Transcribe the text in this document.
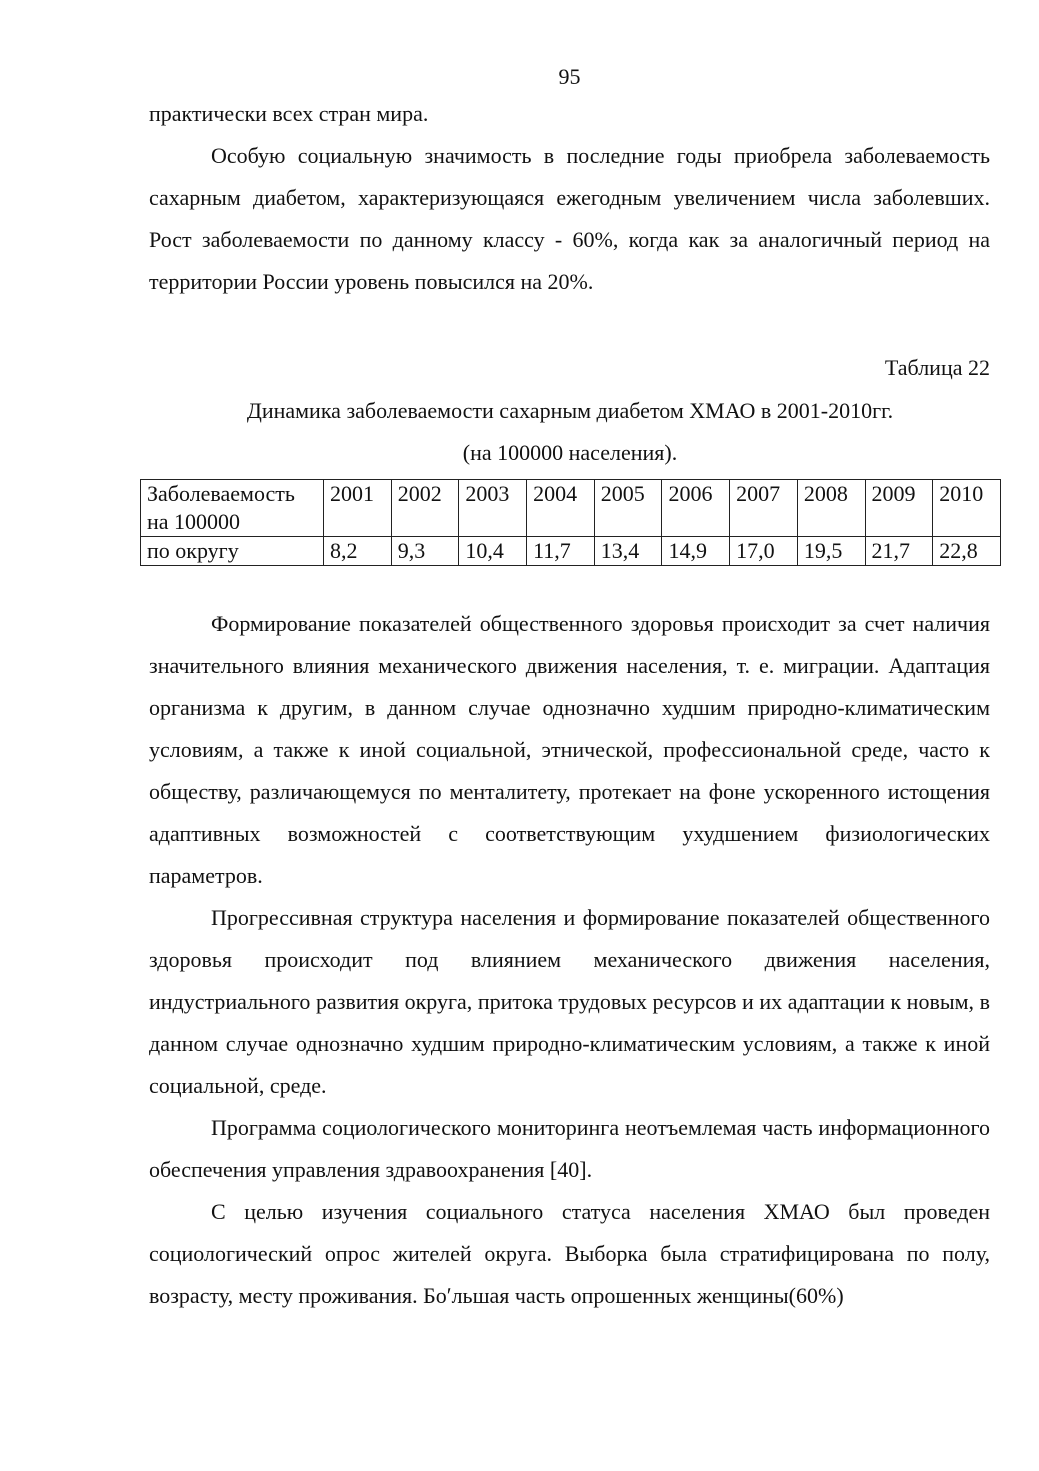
95

практически всех стран мира.

Особую социальную значимость в последние годы приобрела заболеваемость сахарным диабетом, характеризующаяся ежегодным увеличением числа заболевших. Рост заболеваемости по данному классу - 60%, когда как за аналогичный период на территории России уровень повысился на 20%.

Таблица 22
Динамика заболеваемости сахарным диабетом ХМАО в 2001-2010гг.
(на 100000 населения).
Заболеваемость на 100000	2001	2002	2003	2004	2005	2006	2007	2008	2009	2010
по округу	8,2	9,3	10,4	11,7	13,4	14,9	17,0	19,5	21,7	22,8

Формирование показателей общественного здоровья происходит за счет наличия значительного влияния механического движения населения, т. е. миграции. Адаптация организма к другим, в данном случае однозначно худшим природно-климатическим условиям, а также к иной социальной, этнической, профессиональной среде, часто к обществу, различающемуся по менталитету, протекает на фоне ускоренного истощения адаптивных возможностей с соответствующим ухудшением физиологических параметров.

Прогрессивная структура населения и формирование показателей общественного здоровья происходит под влиянием механического движения населения, индустриального развития округа, притока трудовых ресурсов и их адаптации к новым, в данном случае однозначно худшим природно-климатическим условиям, а также к иной социальной, среде.

Программа социологического мониторинга неотъемлемая часть информационного обеспечения управления здравоохранения [40].

С целью изучения социального статуса населения ХМАО был проведен социологический опрос жителей округа. Выборка была стратифицирована по полу, возрасту, месту проживания. Боʹльшая часть опрошенных женщины(60%)
